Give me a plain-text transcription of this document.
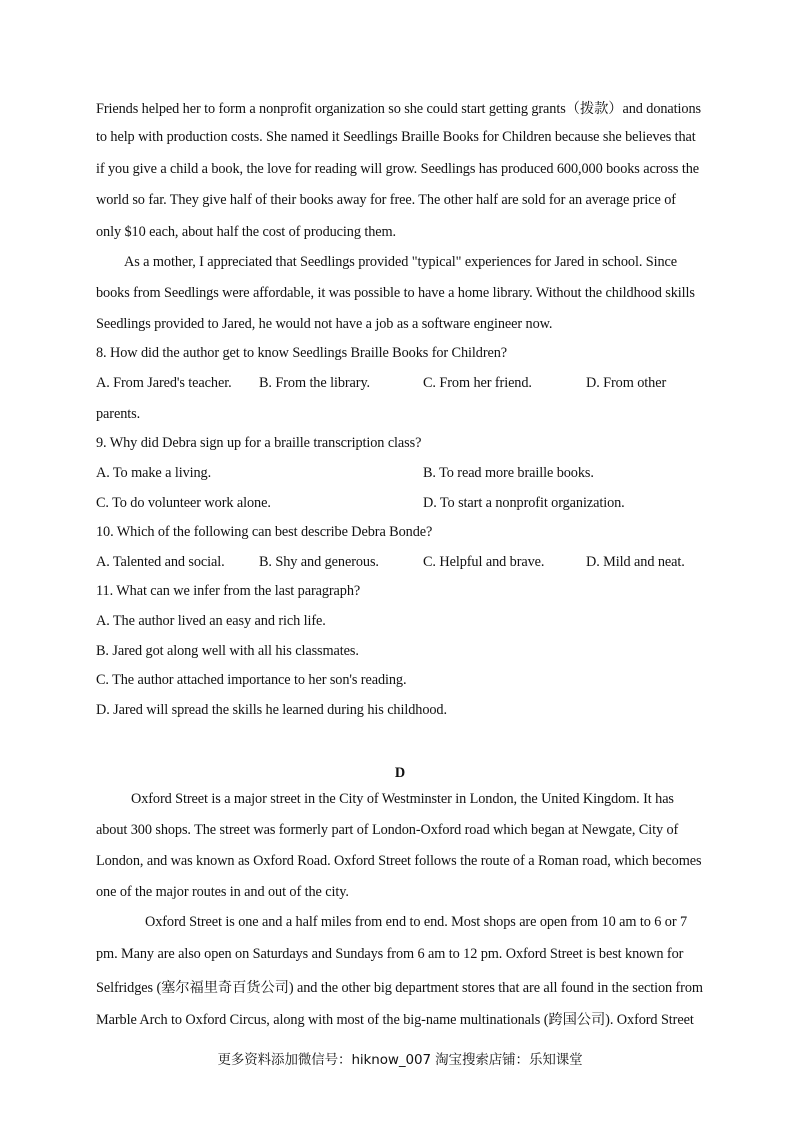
Friends helped her to form a nonprofit organization so she could start getting grants（拨款）and donations
to help with production costs. She named it Seedlings Braille Books for Children because she believes that
if you give a child a book, the love for reading will grow. Seedlings has produced 600,000 books across the
world so far. They give half of their books away for free. The other half are sold for an average price of
only $10 each, about half the cost of producing them.
As a mother, I appreciated that Seedlings provided "typical" experiences for Jared in school. Since
books from Seedlings were affordable, it was possible to have a home library. Without the childhood skills
Seedlings provided to Jared, he would not have a job as a software engineer now.
8. How did the author get to know Seedlings Braille Books for Children?
A. From Jared's teacher. B. From the library.	C. From her friend.	D. From other
parents.
9. Why did Debra sign up for a braille transcription class?
A. To make a living.	B. To read more braille books.
C. To do volunteer work alone.	D. To start a nonprofit organization.
10. Which of the following can best describe Debra Bonde?
A. Talented and social. B. Shy and generous.	C. Helpful and brave.	D. Mild and neat.
11. What can we infer from the last paragraph?
A. The author lived an easy and rich life.
B. Jared got along well with all his classmates.
C. The author attached importance to her son's reading.
D. Jared will spread the skills he learned during his childhood.
D
Oxford Street is a major street in the City of Westminster in London, the United Kingdom. It has
about 300 shops. The street was formerly part of London-Oxford road which began at Newgate, City of
London, and was known as Oxford Road. Oxford Street follows the route of a Roman road, which becomes
one of the major routes in and out of the city.
Oxford Street is one and a half miles from end to end. Most shops are open from 10 am to 6 or 7
pm. Many are also open on Saturdays and Sundays from 6 am to 12 pm. Oxford Street is best known for
Selfridges (塞尔福里奇百货公司) and the other big department stores that are all found in the section from
Marble Arch to Oxford Circus, along with most of the big-name multinationals (跨国公司). Oxford Street
更多资料添加微信号：hiknow_007 淘宝搜索店铺：乐知课堂
